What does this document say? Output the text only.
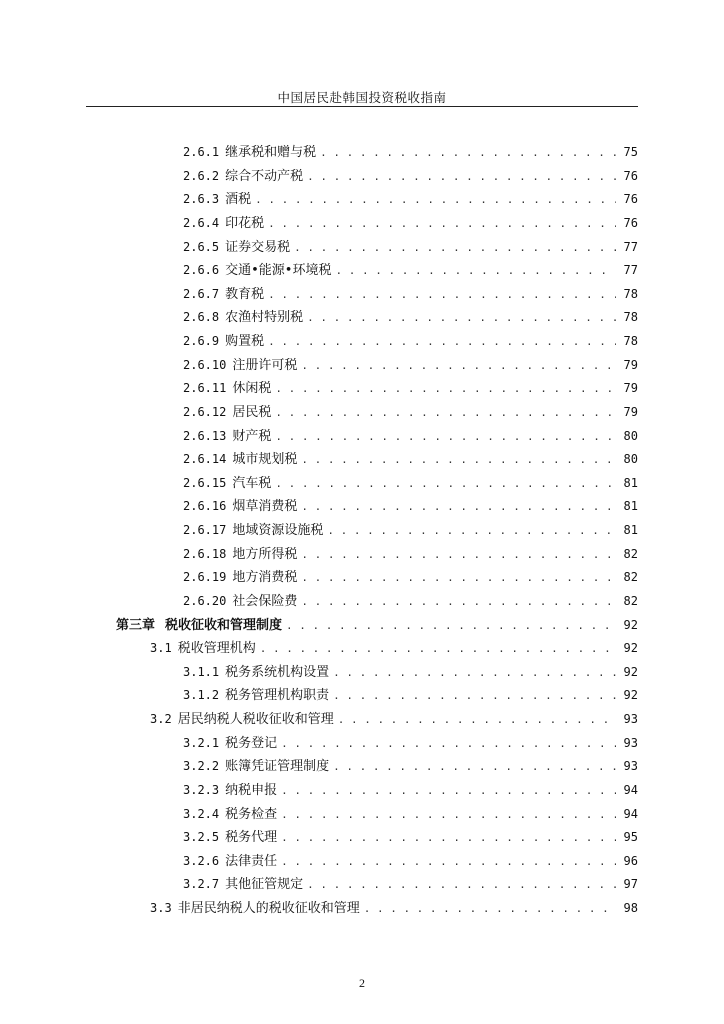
中国居民赴韩国投资税收指南
2.6.1 继承税和赠与税 . . .	75
2.6.2 综合不动产税 . . .	76
2.6.3 酒税 . . .	76
2.6.4 印花税 . . .	76
2.6.5 证券交易税 . . .	77
2.6.6 交通•能源•环境税 . . .	77
2.6.7 教育税 . . .	78
2.6.8 农渔村特别税 . . .	78
2.6.9 购置税 . . .	78
2.6.10 注册许可税 . . .	79
2.6.11 休闲税 . . .	79
2.6.12 居民税 . . .	79
2.6.13 财产税 . . .	80
2.6.14 城市规划税 . . .	80
2.6.15 汽车税 . . .	81
2.6.16 烟草消费税 . . .	81
2.6.17 地域资源设施税 . . .	81
2.6.18 地方所得税 . . .	82
2.6.19 地方消费税 . . .	82
2.6.20 社会保险费 . . .	82
第三章 税收征收和管理制度 . . .	92
3.1 税收管理机构 . . .	92
3.1.1 税务系统机构设置 . . .	92
3.1.2 税务管理机构职责 . . .	92
3.2 居民纳税人税收征收和管理 . . .	93
3.2.1 税务登记 . . .	93
3.2.2 账簿凭证管理制度 . . .	93
3.2.3 纳税申报 . . .	94
3.2.4 税务检查 . . .	94
3.2.5 税务代理 . . .	95
3.2.6 法律责任 . . .	96
3.2.7 其他征管规定 . . .	97
3.3 非居民纳税人的税收征收和管理 . . .	98
2
